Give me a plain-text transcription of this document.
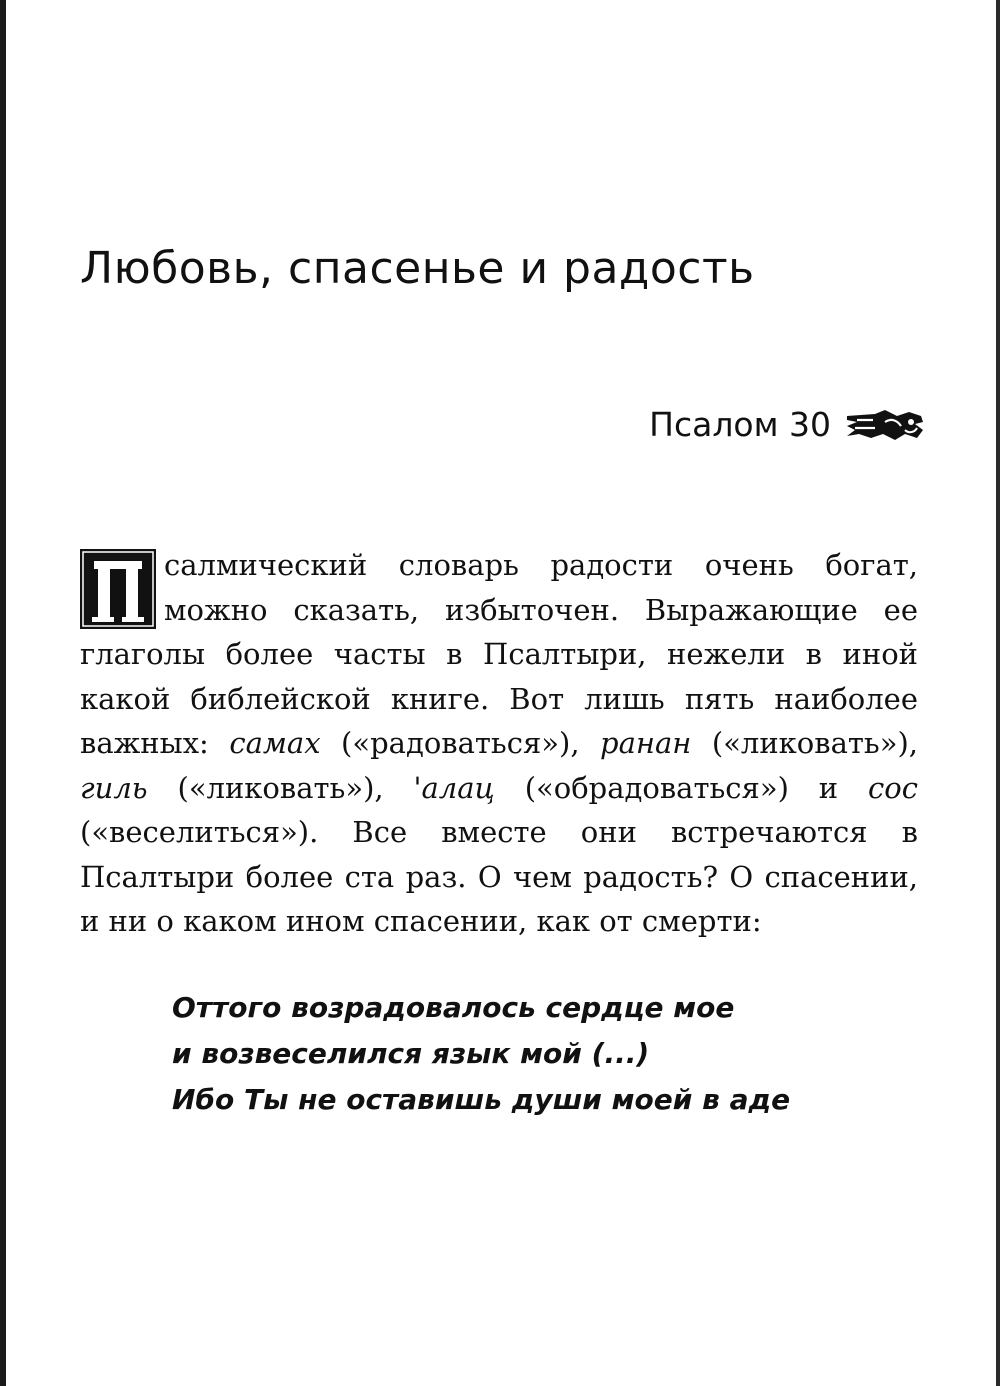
Любовь, спасенье и радость
Псалом 30

П
салмический словарь радости очень богат, можно сказать, избыточен. Выражающие ее глаголы более часты в Псалтыри, нежели в иной какой библейской книге. Вот лишь пять наиболее важных: самах («радоваться»), ранан («ликовать»), гиль («ликовать»), 'алац («обрадоваться») и сос («веселиться»). Все вместе они встречаются в Псалтыри более ста раз. О чем радость? О спасении, и ни о каком ином спасении, как от смерти:

Оттого возрадовалось сердце мое
и возвеселился язык мой (...)
Ибо Ты не оставишь души моей в аде
